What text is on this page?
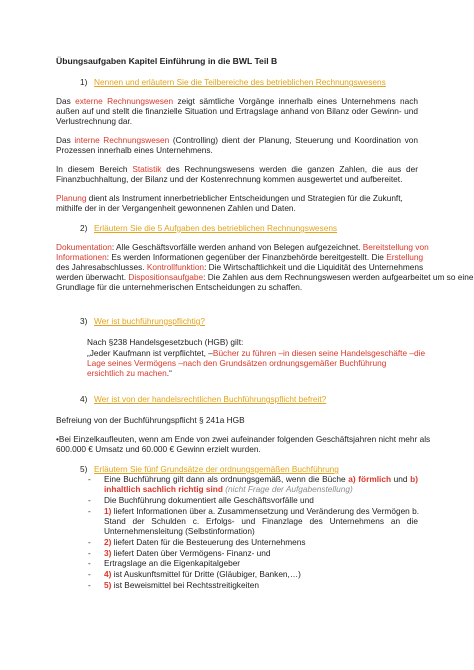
Übungsaufgaben Kapitel Einführung in die BWL Teil B
1) Nennen und erläutern Sie die Teilbereiche des betrieblichen Rechnungswesens
Das externe Rechnungswesen zeigt sämtliche Vorgänge innerhalb eines Unternehmens nach
außen auf und stellt die finanzielle Situation und Ertragslage anhand von Bilanz oder Gewinn- und
Verlustrechnung dar.
Das interne Rechnungswesen (Controlling) dient der Planung, Steuerung und Koordination von
Prozessen innerhalb eines Unternehmens.
In diesem Bereich Statistik des Rechnungswesens werden die ganzen Zahlen, die aus der
Finanzbuchhaltung, der Bilanz und der Kostenrechnung kommen ausgewertet und aufbereitet.
Planung dient als Instrument innerbetrieblicher Entscheidungen und Strategien für die Zukunft,
mithilfe der in der Vergangenheit gewonnenen Zahlen und Daten.
2) Erläutern Sie die 5 Aufgaben des betrieblichen Rechnungswesens
Dokumentation: Alle Geschäftsvorfälle werden anhand von Belegen aufgezeichnet. Bereitstellung von
Informationen: Es werden Informationen gegenüber der Finanzbehörde bereitgestellt. Die Erstellung
des Jahresabschlusses. Kontrollfunktion: Die Wirtschaftlichkeit und die Liquidität des Unternehmens
werden überwacht. Dispositionsaufgabe: Die Zahlen aus dem Rechnungswesen werden aufgearbeitet um so eine
Grundlage für die unternehmerischen Entscheidungen zu schaffen.
3) Wer ist buchführungspflichtig?
Nach §238 Handelsgesetzbuch (HGB) gilt:
„Jeder Kaufmann ist verpflichtet, –Bücher zu führen –in diesen seine Handelsgeschäfte –die
Lage seines Vermögens –nach den Grundsätzen ordnungsgemäßer Buchführung
ersichtlich zu machen.“
4) Wer ist von der handelsrechtlichen Buchführungspflicht befreit?
Befreiung von der Buchführungspflicht § 241a HGB
•Bei Einzelkaufleuten, wenn am Ende von zwei aufeinander folgenden Geschäftsjahren nicht mehr als
600.000 € Umsatz und 60.000 € Gewinn erzielt wurden.
5) Erläutern Sie fünf Grundsätze der ordnungsgemäßen Buchführung
- Eine Buchführung gilt dann als ordnungsgemäß, wenn die Büche a) förmlich und b)
inhaltlich sachlich richtig sind (nicht Frage der Aufgabenstellung)
- Die Buchführung dokumentiert alle Geschäftsvorfälle und
- 1) liefert Informationen über a. Zusammensetzung und Veränderung des Vermögen b.
Stand der Schulden c. Erfolgs- und Finanzlage des Unternehmens an die
Unternehmensleitung (Selbstinformation)
- 2) liefert Daten für die Besteuerung des Unternehmens
- 3) liefert Daten über Vermögens- Finanz- und
- Ertragslage an die Eigenkapitalgeber
- 4) ist Auskunftsmittel für Dritte (Gläubiger, Banken,…)
- 5) ist Beweismittel bei Rechtsstreitigkeiten
